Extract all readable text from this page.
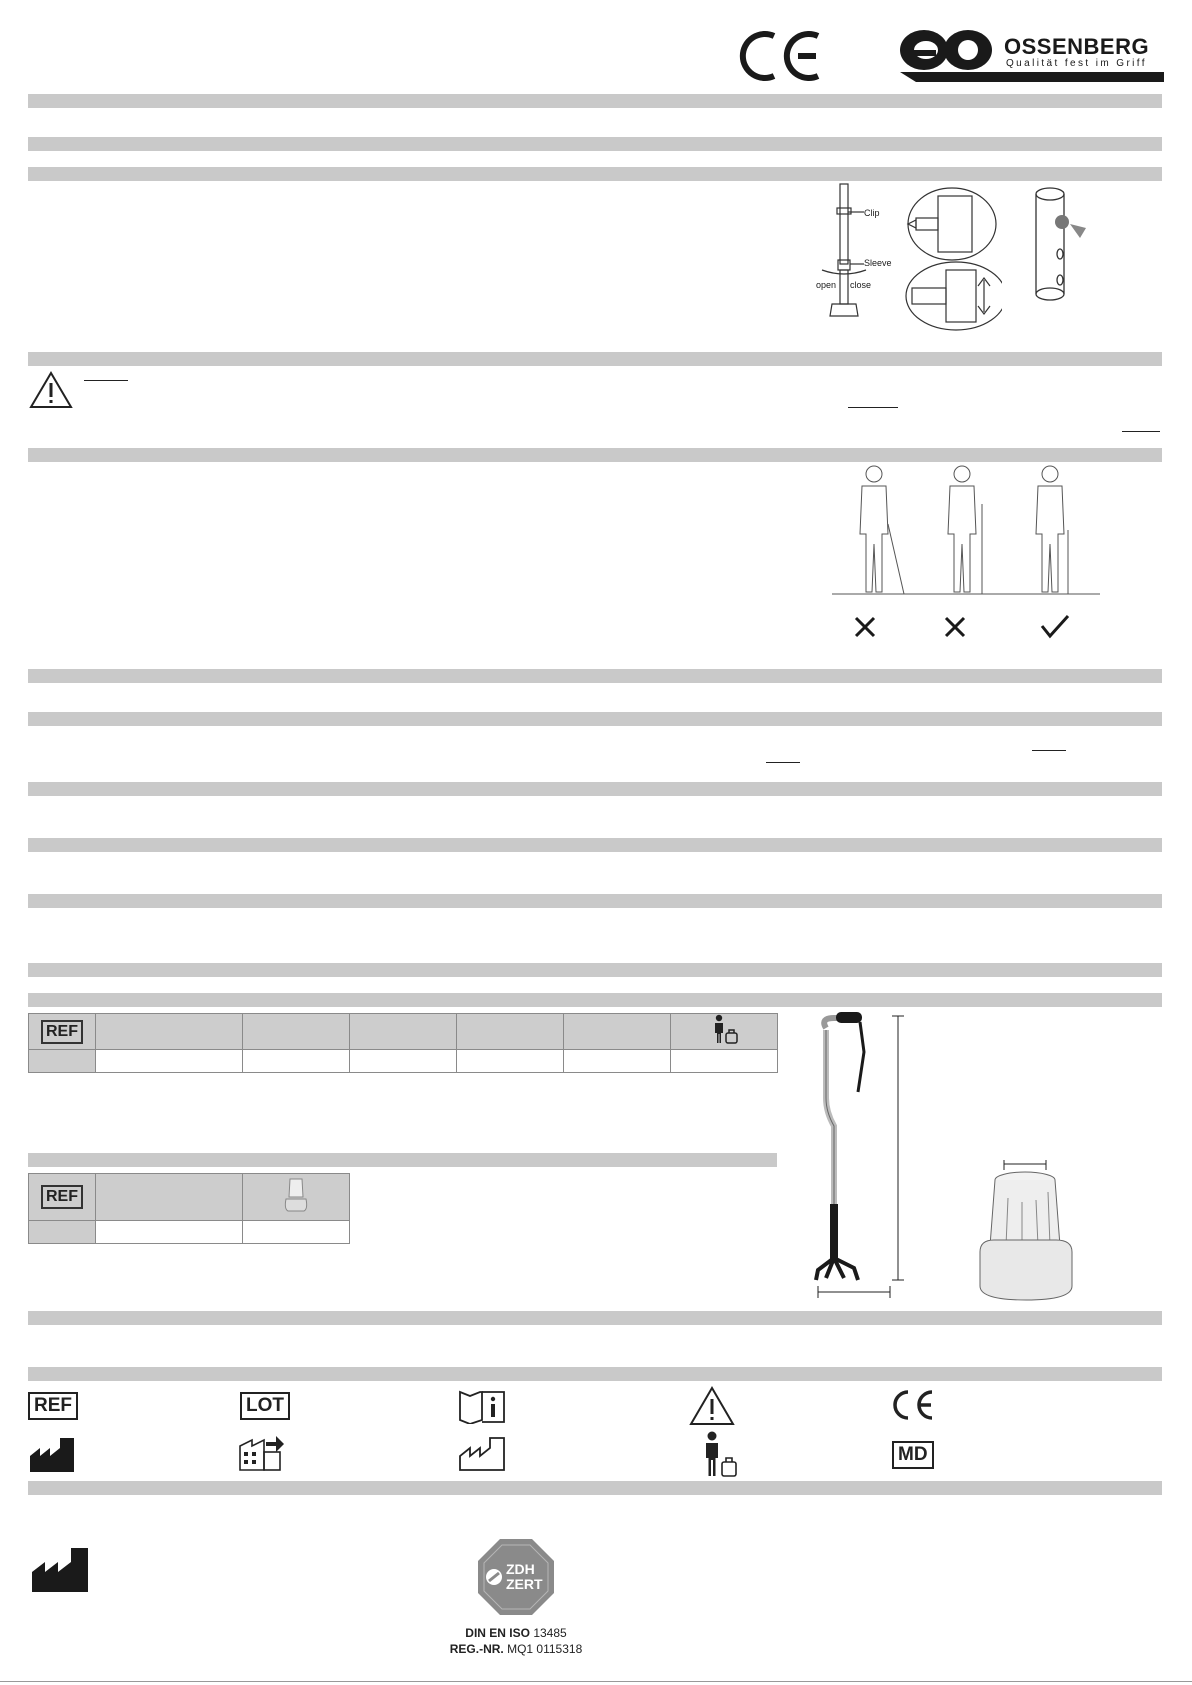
OSSENBERG
Qualität fest im Griff
Clip
Sleeve
open close
REF						

REF		

REF	LOT
MD
ZDH
ZERT
DIN EN ISO 13485
REG.-NR. MQ1 0115318
